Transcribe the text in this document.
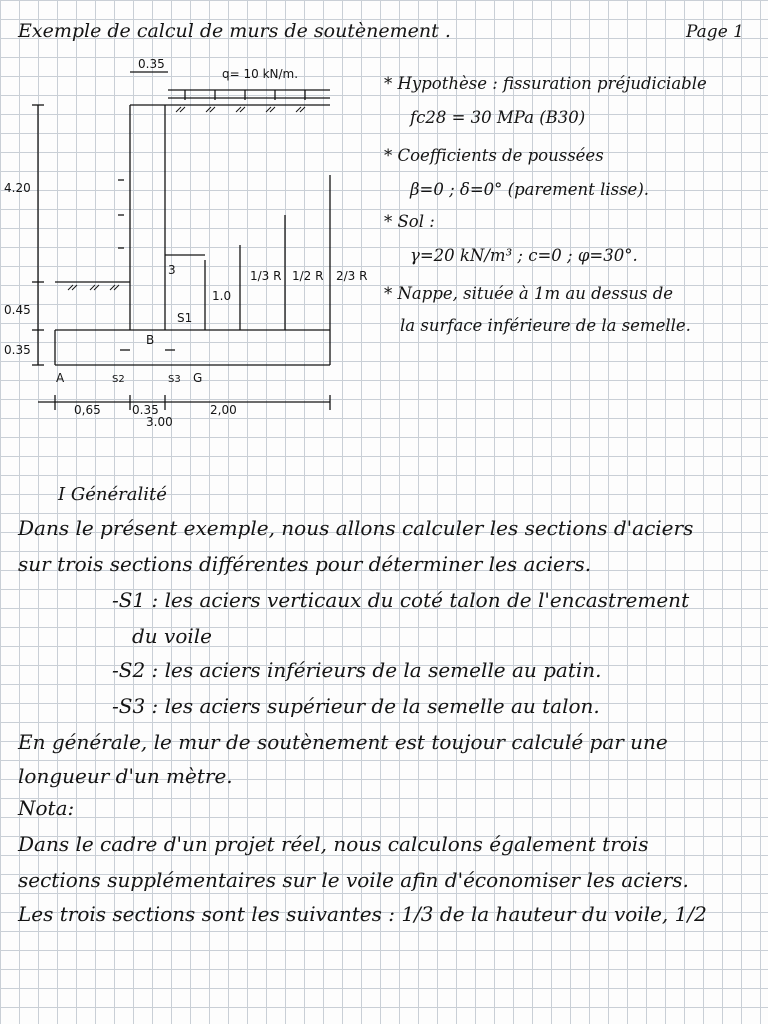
Exemple de calcul de murs de soutènement .	Page 1
0.35
q= 10 kN/m.
4.20
0.45
0.35
3
1.0
1/3 R 1/2 R 2/3 R
S1
B
A	S2	S3 G
0,65	0.35	2,00
3.00
* Hypothèse : fissuration préjudiciable
fc28 = 30 MPa (B30)
* Coefficients de poussées
β=0 ; δ=0° (parement lisse).
* Sol :
γ=20 kN/m³ ; c=0 ; φ=30°.
* Nappe, située à 1m au dessus de
la surface inférieure de la semelle.
I Généralité
Dans le présent exemple, nous allons calculer les sections d'aciers
sur trois sections différentes pour déterminer les aciers.
-S1 : les aciers verticaux du coté talon de l'encastrement
du voile
-S2 : les aciers inférieurs de la semelle au patin.
-S3 : les aciers supérieur de la semelle au talon.
En générale, le mur de soutènement est toujour calculé par une
longueur d'un mètre.
Nota:
Dans le cadre d'un projet réel, nous calculons également trois
sections supplémentaires sur le voile afin d'économiser les aciers.
Les trois sections sont les suivantes : 1/3 de la hauteur du voile, 1/2
